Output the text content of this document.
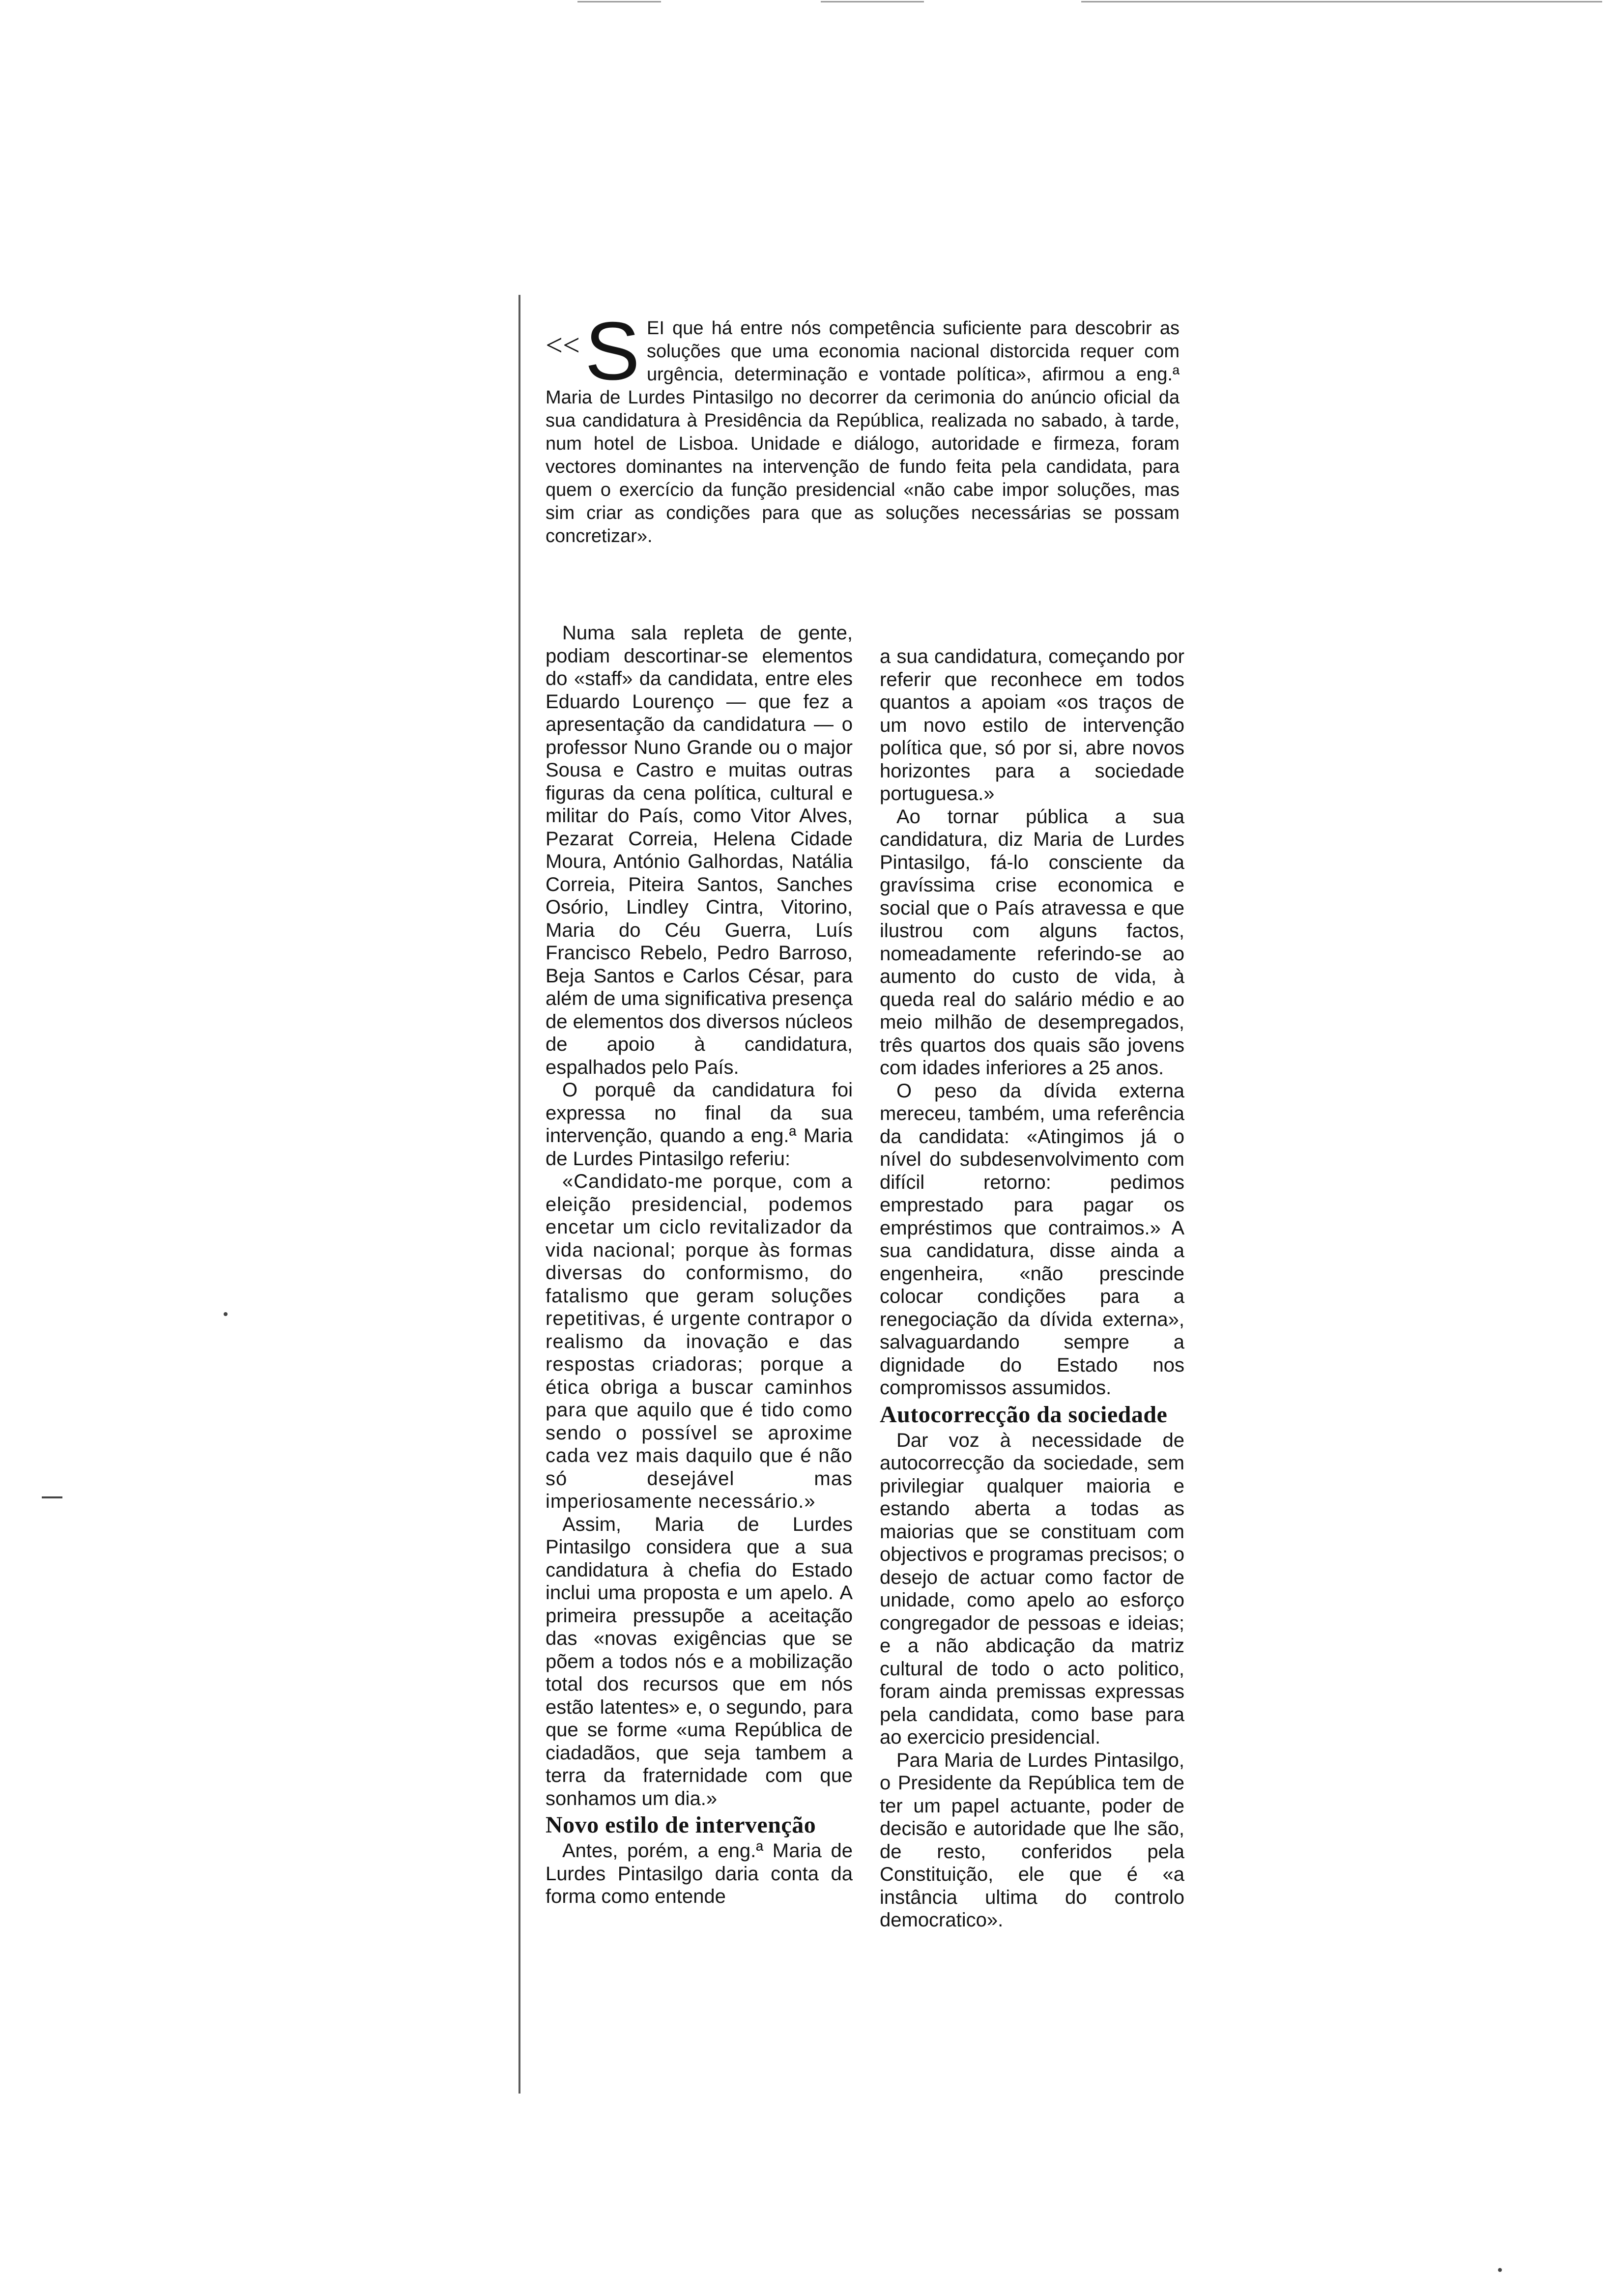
<< S EI que há entre nós competência suficiente para descobrir as soluções que uma economia nacional distorcida requer com urgência, determinação e vontade política», afirmou a eng.ª Maria de Lurdes Pintasilgo no decorrer da cerimonia do anúncio oficial da sua candidatura à Presidência da República, realizada no sabado, à tarde, num hotel de Lisboa. Unidade e diálogo, autoridade e firmeza, foram vectores dominantes na intervenção de fundo feita pela candidata, para quem o exercício da função presidencial «não cabe impor soluções, mas sim criar as condições para que as soluções necessárias se possam concretizar».

Numa sala repleta de gente, podiam descortinar-se elementos do «staff» da candidata, entre eles Eduardo Lourenço — que fez a apresentação da candidatura — o professor Nuno Grande ou o major Sousa e Castro e muitas outras figuras da cena política, cultural e militar do País, como Vitor Alves, Pezarat Correia, Helena Cidade Moura, António Galhordas, Natália Correia, Piteira Santos, Sanches Osório, Lindley Cintra, Vitorino, Maria do Céu Guerra, Luís Francisco Rebelo, Pedro Barroso, Beja Santos e Carlos César, para além de uma significativa presença de elementos dos diversos núcleos de apoio à candidatura, espalhados pelo País.

O porquê da candidatura foi expressa no final da sua intervenção, quando a eng.ª Maria de Lurdes Pintasilgo referiu:

«Candidato-me porque, com a eleição presidencial, podemos encetar um ciclo revitalizador da vida nacional; porque às formas diversas do conformismo, do fatalismo que geram soluções repetitivas, é urgente contrapor o realismo da inovação e das respostas criadoras; porque a ética obriga a buscar caminhos para que aquilo que é tido como sendo o possível se aproxime cada vez mais daquilo que é não só desejável mas imperiosamente necessário.»

Assim, Maria de Lurdes Pintasilgo considera que a sua candidatura à chefia do Estado inclui uma proposta e um apelo. A primeira pressupõe a aceitação das «novas exigências que se põem a todos nós e a mobilização total dos recursos que em nós estão latentes» e, o segundo, para que se forme «uma República de ciadadãos, que seja tambem a terra da fraternidade com que sonhamos um dia.»

Novo estilo de intervenção

Antes, porém, a eng.ª Maria de Lurdes Pintasilgo daria conta da forma como entende

a sua candidatura, começando por referir que reconhece em todos quantos a apoiam «os traços de um novo estilo de intervenção política que, só por si, abre novos horizontes para a sociedade portuguesa.»

Ao tornar pública a sua candidatura, diz Maria de Lurdes Pintasilgo, fá-lo consciente da gravíssima crise economica e social que o País atravessa e que ilustrou com alguns factos, nomeadamente referindo-se ao aumento do custo de vida, à queda real do salário médio e ao meio milhão de desempregados, três quartos dos quais são jovens com idades inferiores a 25 anos.

O peso da dívida externa mereceu, também, uma referência da candidata: «Atingimos já o nível do subdesenvolvimento com difícil retorno: pedimos emprestado para pagar os empréstimos que contraimos.» A sua candidatura, disse ainda a engenheira, «não prescinde colocar condições para a renegociação da dívida externa», salvaguardando sempre a dignidade do Estado nos compromissos assumidos.

Autocorrecção da sociedade

Dar voz à necessidade de autocorrecção da sociedade, sem privilegiar qualquer maioria e estando aberta a todas as maiorias que se constituam com objectivos e programas precisos; o desejo de actuar como factor de unidade, como apelo ao esforço congregador de pessoas e ideias; e a não abdicação da matriz cultural de todo o acto politico, foram ainda premissas expressas pela candidata, como base para ao exercicio presidencial.

Para Maria de Lurdes Pintasilgo, o Presidente da República tem de ter um papel actuante, poder de decisão e autoridade que lhe são, de resto, conferidos pela Constituição, ele que é «a instância ultima do controlo democratico».
